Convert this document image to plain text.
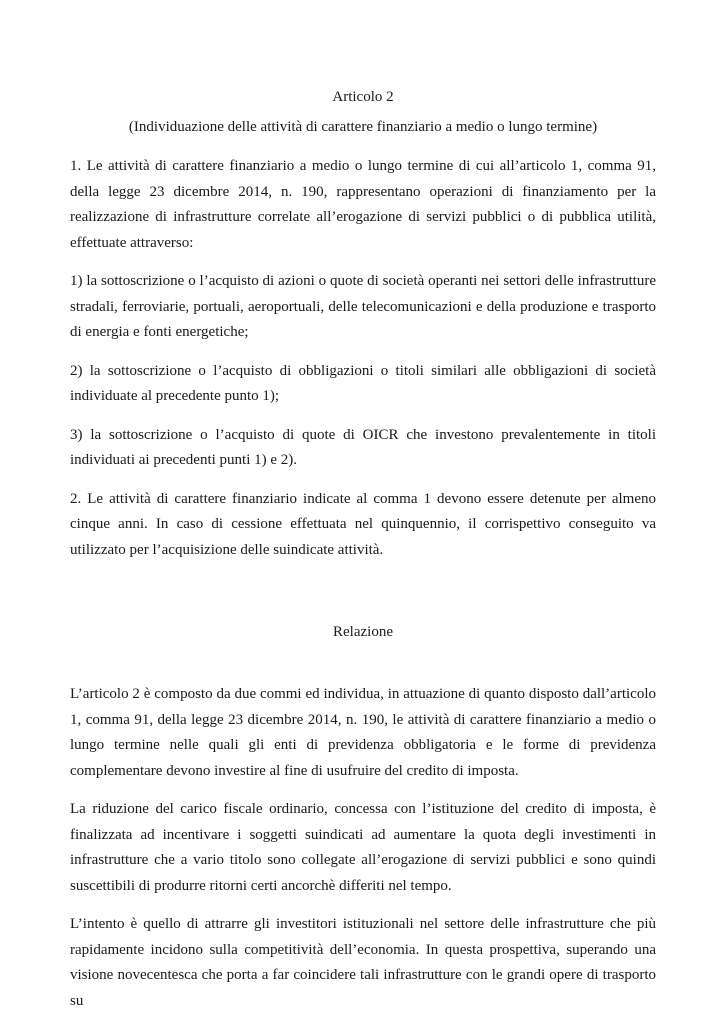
Articolo 2

(Individuazione delle attività di carattere finanziario a medio o lungo termine)

1. Le attività di carattere finanziario a medio o lungo termine di cui all’articolo 1, comma 91, della legge 23 dicembre 2014, n. 190, rappresentano operazioni di finanziamento per la realizzazione di infrastrutture correlate all’erogazione di servizi pubblici o di pubblica utilità, effettuate attraverso:

1) la sottoscrizione o l’acquisto di azioni o quote di società operanti nei settori delle infrastrutture stradali, ferroviarie, portuali, aeroportuali, delle telecomunicazioni e della produzione e trasporto di energia e fonti energetiche;

2) la sottoscrizione o l’acquisto di obbligazioni o titoli similari alle obbligazioni di società individuate al precedente punto 1);

3) la sottoscrizione o l’acquisto di quote di OICR che investono prevalentemente in titoli individuati ai precedenti punti 1) e 2).

2. Le attività di carattere finanziario indicate al comma 1 devono essere detenute per almeno cinque anni. In caso di cessione effettuata nel quinquennio, il corrispettivo conseguito va utilizzato per l’acquisizione delle suindicate attività.

Relazione

L’articolo 2 è composto da due commi ed individua, in attuazione di quanto disposto dall’articolo 1, comma 91, della legge 23 dicembre 2014, n. 190, le attività di carattere finanziario a medio o lungo termine nelle quali gli enti di previdenza obbligatoria e le forme di previdenza complementare devono investire al fine di usufruire del credito di imposta.

La riduzione del carico fiscale ordinario, concessa con l’istituzione del credito di imposta, è finalizzata ad incentivare i soggetti suindicati ad aumentare la quota degli investimenti in infrastrutture che a vario titolo sono collegate all’erogazione di servizi pubblici e sono quindi suscettibili di produrre ritorni certi ancorchè differiti nel tempo.

L’intento è quello di attrarre gli investitori istituzionali nel settore delle infrastrutture che più rapidamente incidono sulla competitività dell’economia. In questa prospettiva, superando una visione novecentesca che porta a far coincidere tali infrastrutture con le grandi opere di trasporto su
